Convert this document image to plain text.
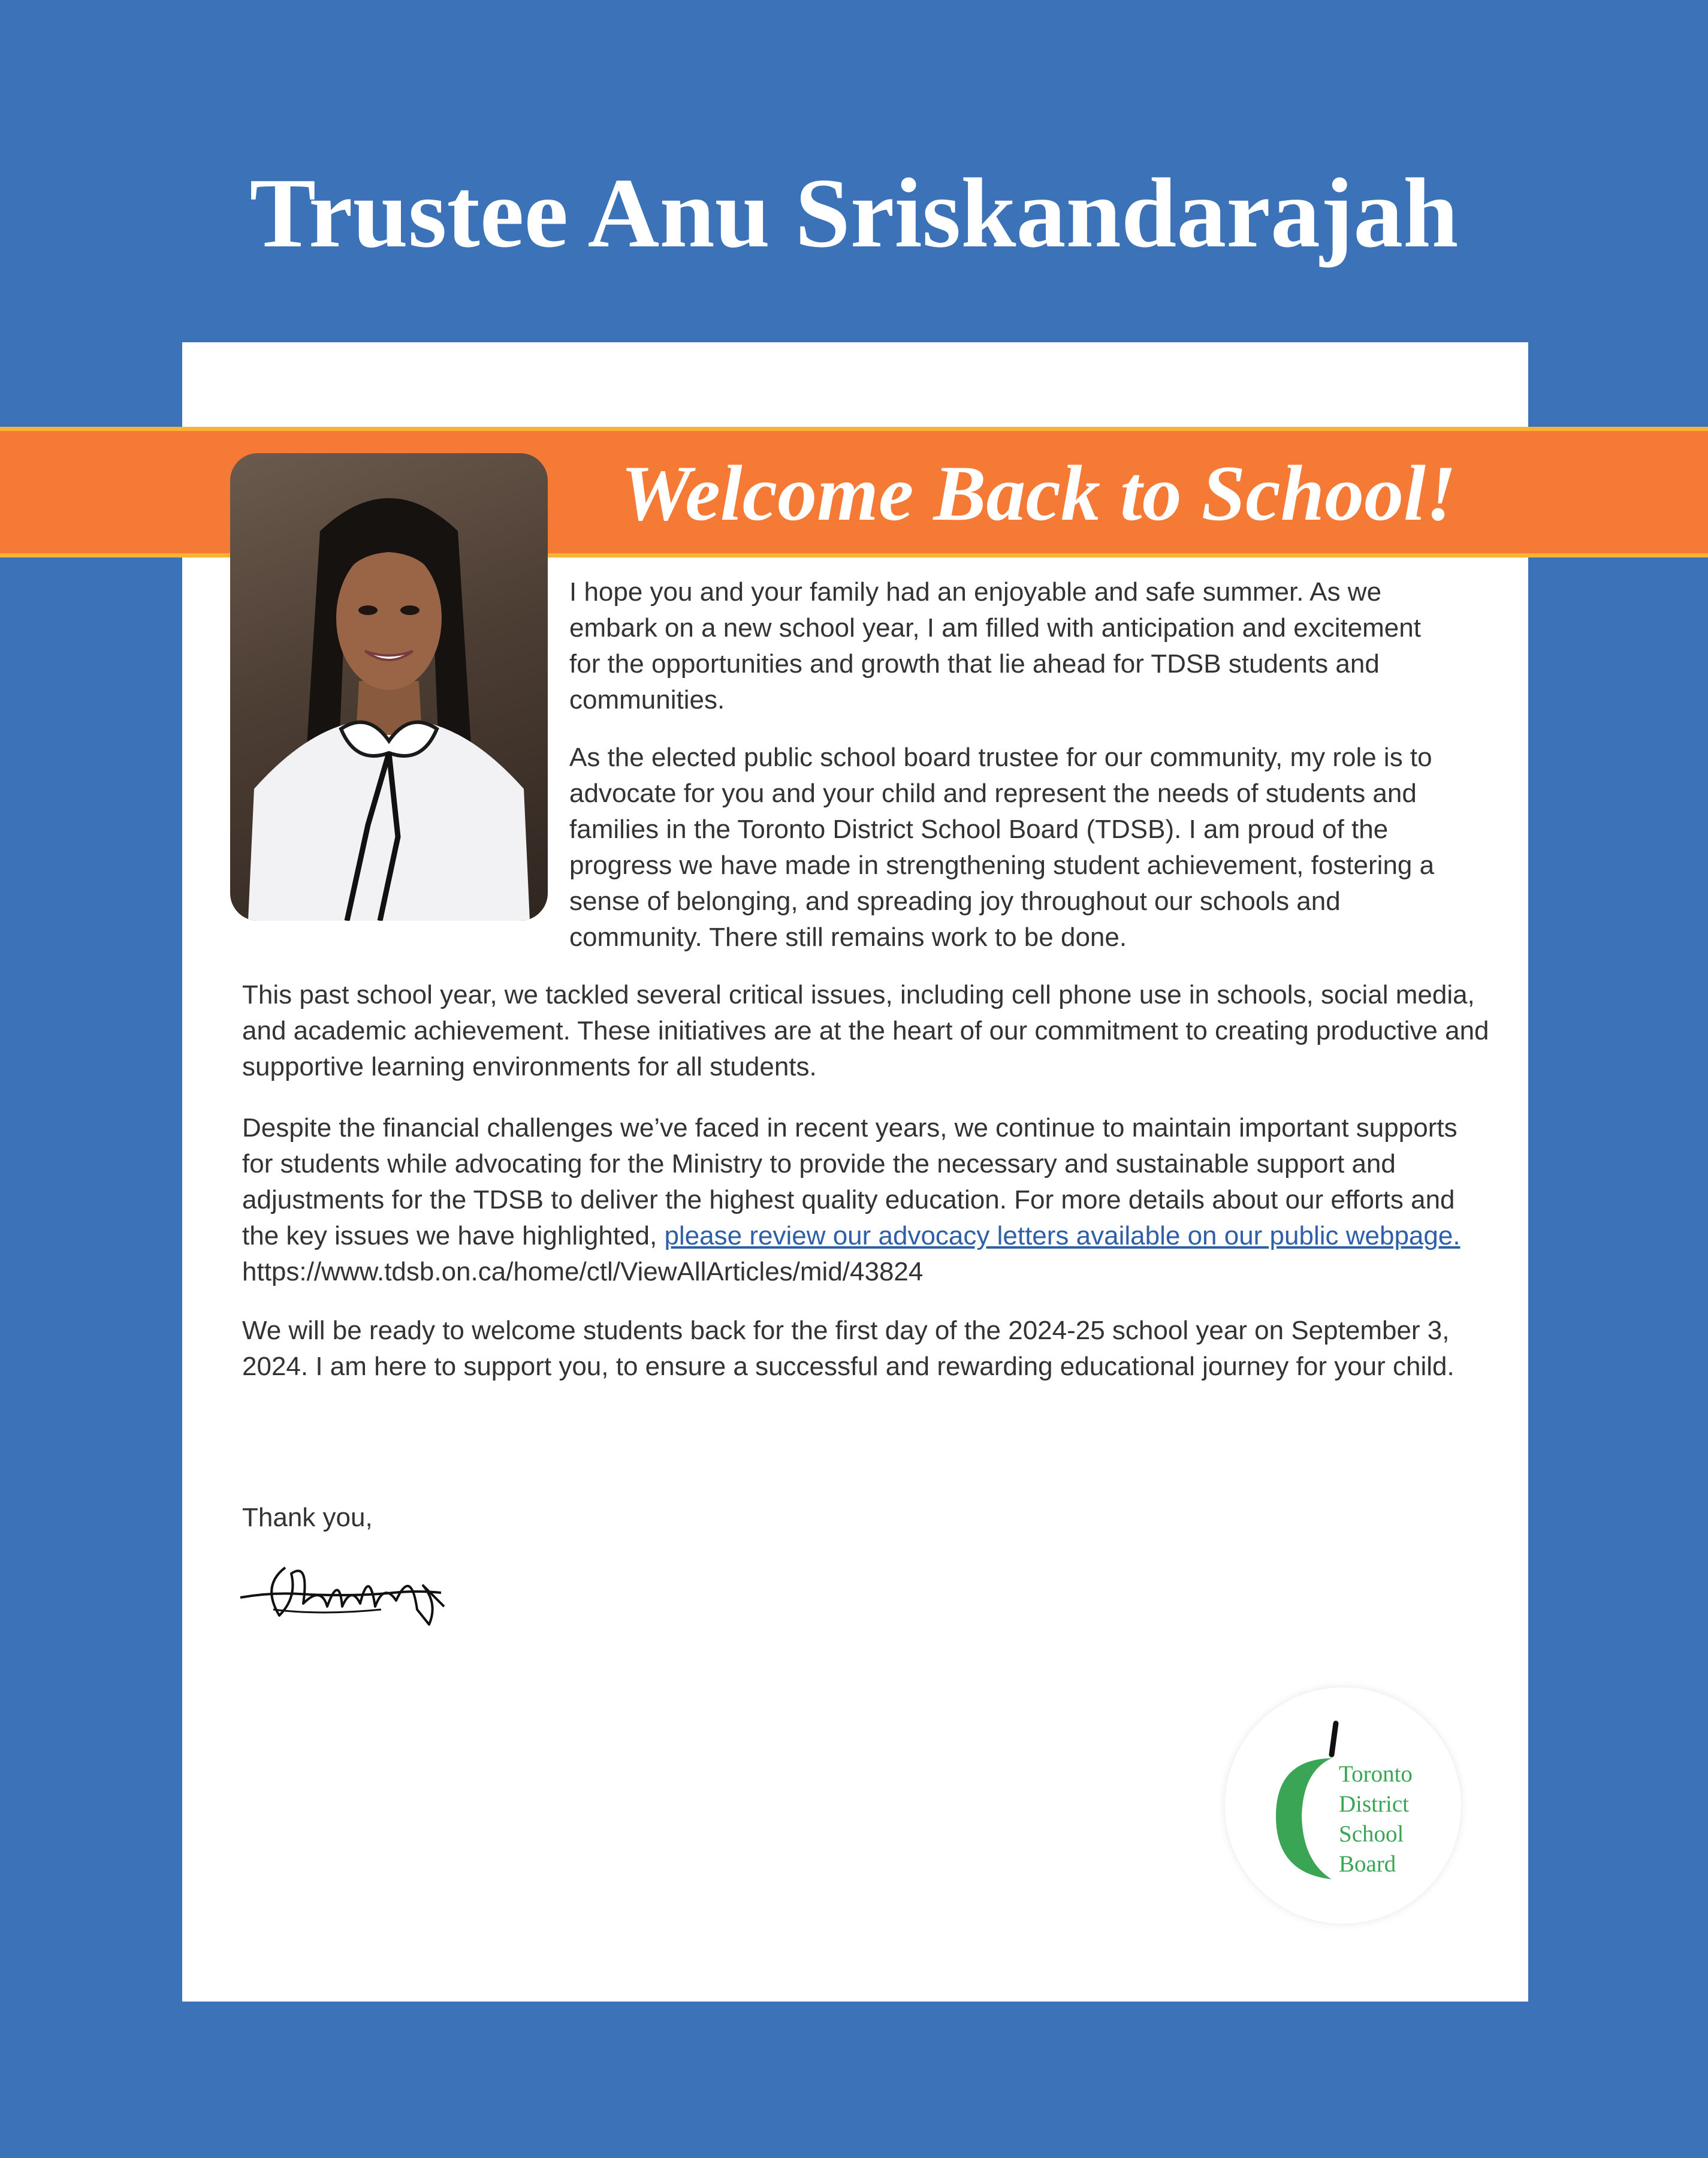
Trustee Anu Sriskandarajah
Welcome Back to School!

I hope you and your family had an enjoyable and safe summer. As we embark on a new school year, I am filled with anticipation and excitement for the opportunities and growth that lie ahead for TDSB students and communities.

As the elected public school board trustee for our community, my role is to advocate for you and your child and represent the needs of students and families in the Toronto District School Board (TDSB). I am proud of the progress we have made in strengthening student achievement, fostering a sense of belonging, and spreading joy throughout our schools and community. There still remains work to be done.

This past school year, we tackled several critical issues, including cell phone use in schools, social media, and academic achievement. These initiatives are at the heart of our commitment to creating productive and supportive learning environments for all students.

Despite the financial challenges we’ve faced in recent years, we continue to maintain important supports for students while advocating for the Ministry to provide the necessary and sustainable support and adjustments for the TDSB to deliver the highest quality education. For more details about our efforts and the key issues we have highlighted, please review our advocacy letters available on our public webpage. https://www.tdsb.on.ca/home/ctl/ViewAllArticles/mid/43824

We will be ready to welcome students back for the first day of the 2024-25 school year on September 3, 2024. I am here to support you, to ensure a successful and rewarding educational journey for your child.

Thank you,

Toronto
District
School
Board
